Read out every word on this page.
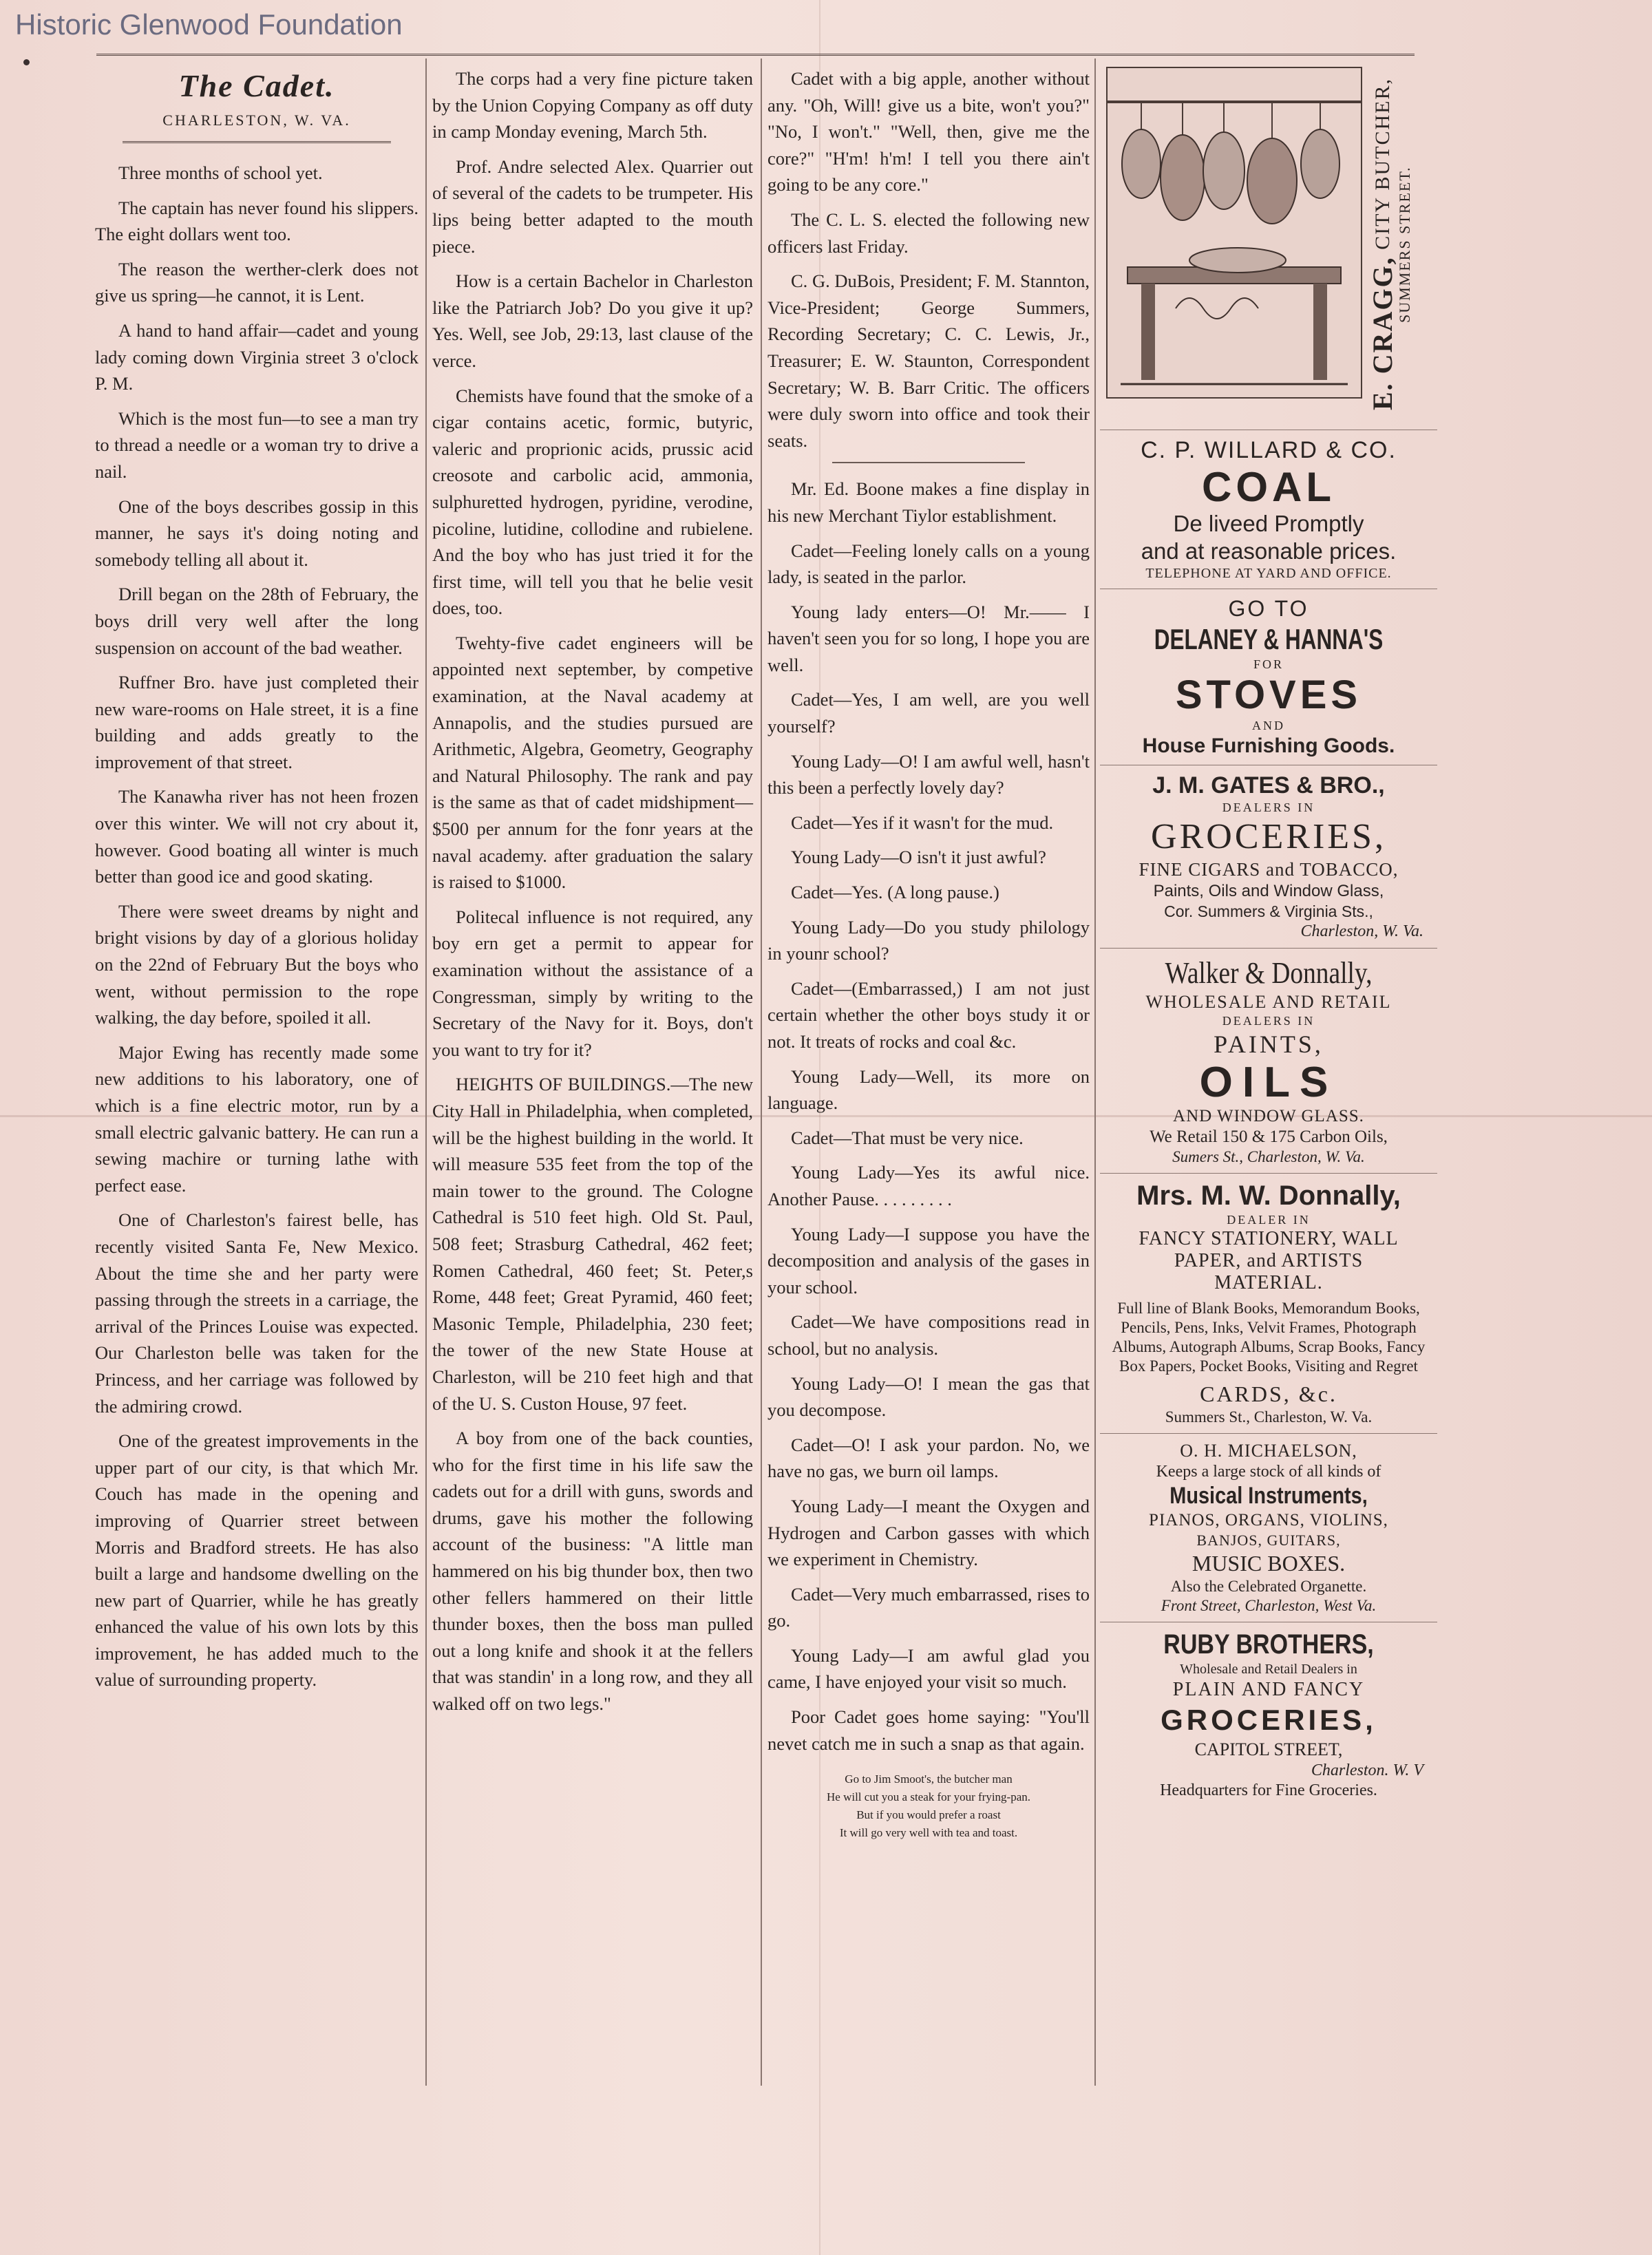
Historic Glenwood Foundation
The Cadet.
CHARLESTON, W. VA.

Three months of school yet.

The captain has never found his slippers. The eight dollars went too.

The reason the werther-clerk does not give us spring—he cannot, it is Lent.

A hand to hand affair—cadet and young lady coming down Virginia street 3 o'clock P. M.

Which is the most fun—to see a man try to thread a needle or a woman try to drive a nail.

One of the boys describes gossip in this manner, he says it's doing noting and somebody telling all about it.

Drill began on the 28th of February, the boys drill very well after the long suspension on account of the bad weather.

Ruffner Bro. have just completed their new ware-rooms on Hale street, it is a fine building and adds greatly to the improvement of that street.

The Kanawha river has not heen frozen over this winter. We will not cry about it, however. Good boating all winter is much better than good ice and good skating.

There were sweet dreams by night and bright visions by day of a glorious holiday on the 22nd of February But the boys who went, without permission to the rope walking, the day before, spoiled it all.

Major Ewing has recently made some new additions to his laboratory, one of which is a fine electric motor, run by a small electric galvanic battery. He can run a sewing machire or turning lathe with perfect ease.

One of Charleston's fairest belle, has recently visited Santa Fe, New Mexico. About the time she and her party were passing through the streets in a carriage, the arrival of the Princes Louise was expected. Our Charleston belle was taken for the Princess, and her carriage was followed by the admiring crowd.

One of the greatest improvements in the upper part of our city, is that which Mr. Couch has made in the opening and improving of Quarrier street between Morris and Bradford streets. He has also built a large and handsome dwelling on the new part of Quarrier, while he has greatly enhanced the value of his own lots by this improvement, he has added much to the value of surrounding property.

The corps had a very fine picture taken by the Union Copying Company as off duty in camp Monday evening, March 5th.

Prof. Andre selected Alex. Quarrier out of several of the cadets to be trumpeter. His lips being better adapted to the mouth piece.

How is a certain Bachelor in Charleston like the Patriarch Job? Do you give it up? Yes. Well, see Job, 29:13, last clause of the verce.

Chemists have found that the smoke of a cigar contains acetic, formic, butyric, valeric and proprionic acids, prussic acid creosote and carbolic acid, ammonia, sulphuretted hydrogen, pyridine, verodine, picoline, lutidine, collodine and rubielene. And the boy who has just tried it for the first time, will tell you that he belie vesit does, too.

Twehty-five cadet engineers will be appointed next september, by competive examination, at the Naval academy at Annapolis, and the studies pursued are Arithmetic, Algebra, Geometry, Geography and Natural Philosophy. The rank and pay is the same as that of cadet midshipment—$500 per annum for the fonr years at the naval academy. after graduation the salary is raised to $1000.

Politecal influence is not required, any boy ern get a permit to appear for examination without the assistance of a Congressman, simply by writing to the Secretary of the Navy for it. Boys, don't you want to try for it?

HEIGHTS OF BUILDINGS.—The new City Hall in Philadelphia, when completed, will be the highest building in the world. It will measure 535 feet from the top of the main tower to the ground. The Cologne Cathedral is 510 feet high. Old St. Paul, 508 feet; Strasburg Cathedral, 462 feet; Romen Cathedral, 460 feet; St. Peter,s Rome, 448 feet; Great Pyramid, 460 feet; Masonic Temple, Philadelphia, 230 feet; the tower of the new State House at Charleston, will be 210 feet high and that of the U. S. Custon House, 97 feet.

A boy from one of the back counties, who for the first time in his life saw the cadets out for a drill with guns, swords and drums, gave his mother the following account of the business: "A little man hammered on his big thunder box, then two other fellers hammered on their little thunder boxes, then the boss man pulled out a long knife and shook it at the fellers that was standin' in a long row, and they all walked off on two legs."

Cadet with a big apple, another without any. "Oh, Will! give us a bite, won't you?" "No, I won't." "Well, then, give me the core?" "H'm! h'm! I tell you there ain't going to be any core."

The C. L. S. elected the following new officers last Friday.

C. G. DuBois, President; F. M. Stannton, Vice-President; George Summers, Recording Secretary; C. C. Lewis, Jr., Treasurer; E. W. Staunton, Correspondent Secretary; W. B. Barr Critic. The officers were duly sworn into office and took their seats.

Mr. Ed. Boone makes a fine display in his new Merchant Tiylor establishment.

Cadet—Feeling lonely calls on a young lady, is seated in the parlor.

Young lady enters—O! Mr.—— I haven't seen you for so long, I hope you are well.

Cadet—Yes, I am well, are you well yourself?

Young Lady—O! I am awful well, hasn't this been a perfectly lovely day?

Cadet—Yes if it wasn't for the mud.

Young Lady—O isn't it just awful?

Cadet—Yes. (A long pause.)

Young Lady—Do you study philology in younr school?

Cadet—(Embarrassed,) I am not just certain whether the other boys study it or not. It treats of rocks and coal &c.

Young Lady—Well, its more on language.

Cadet—That must be very nice.

Young Lady—Yes its awful nice. Another Pause. . . . . . . . .

Young Lady—I suppose you have the decomposition and analysis of the gases in your school.

Cadet—We have compositions read in school, but no analysis.

Young Lady—O! I mean the gas that you decompose.

Cadet—O! I ask your pardon. No, we have no gas, we burn oil lamps.

Young Lady—I meant the Oxygen and Hydrogen and Carbon gasses with which we experiment in Chemistry.

Cadet—Very much embarrassed, rises to go.

Young Lady—I am awful glad you came, I have enjoyed your visit so much.

Poor Cadet goes home saying: "You'll nevet catch me in such a snap as that again.

Go to Jim Smoot's, the butcher man
He will cut you a steak for your frying-pan.
But if you would prefer a roast
It will go very well with tea and toast.
E. CRAGG, CITY BUTCHER, SUMMERS STREET.
C. P. WILLARD & CO.
COAL
De liveed Promptly
and at reasonable prices.
TELEPHONE AT YARD AND OFFICE.
GO TO
DELANEY & HANNA'S
FOR
STOVES
AND
House Furnishing Goods.
J. M. GATES & BRO.,
DEALERS IN
GROCERIES,
FINE CIGARS and TOBACCO,
Paints, Oils and Window Glass,
Cor. Summers & Virginia Sts.,
Charleston, W. Va.
Walker & Donnally,
WHOLESALE AND RETAIL
DEALERS IN
PAINTS,
OILS
AND WINDOW GLASS.
We Retail 150 & 175 Carbon Oils,
Sumers St., Charleston, W. Va.
Mrs. M. W. Donnally,
DEALER IN
FANCY STATIONERY, WALL
PAPER, and ARTISTS
MATERIAL.
Full line of Blank Books, Memorandum Books, Pencils, Pens, Inks, Velvit Frames, Photograph Albums, Autograph Albums, Scrap Books, Fancy Box Papers, Pocket Books, Visiting and Regret
CARDS, &c.
Summers St., Charleston, W. Va.
O. H. MICHAELSON,
Keeps a large stock of all kinds of
Musical Instruments,
PIANOS, ORGANS, VIOLINS,
BANJOS, GUITARS,
MUSIC BOXES.
Also the Celebrated Organette.
Front Street, Charleston, West Va.
RUBY BROTHERS,
Wholesale and Retail Dealers in
PLAIN AND FANCY
GROCERIES,
CAPITOL STREET,
Charleston. W. V
Headquarters for Fine Groceries.
